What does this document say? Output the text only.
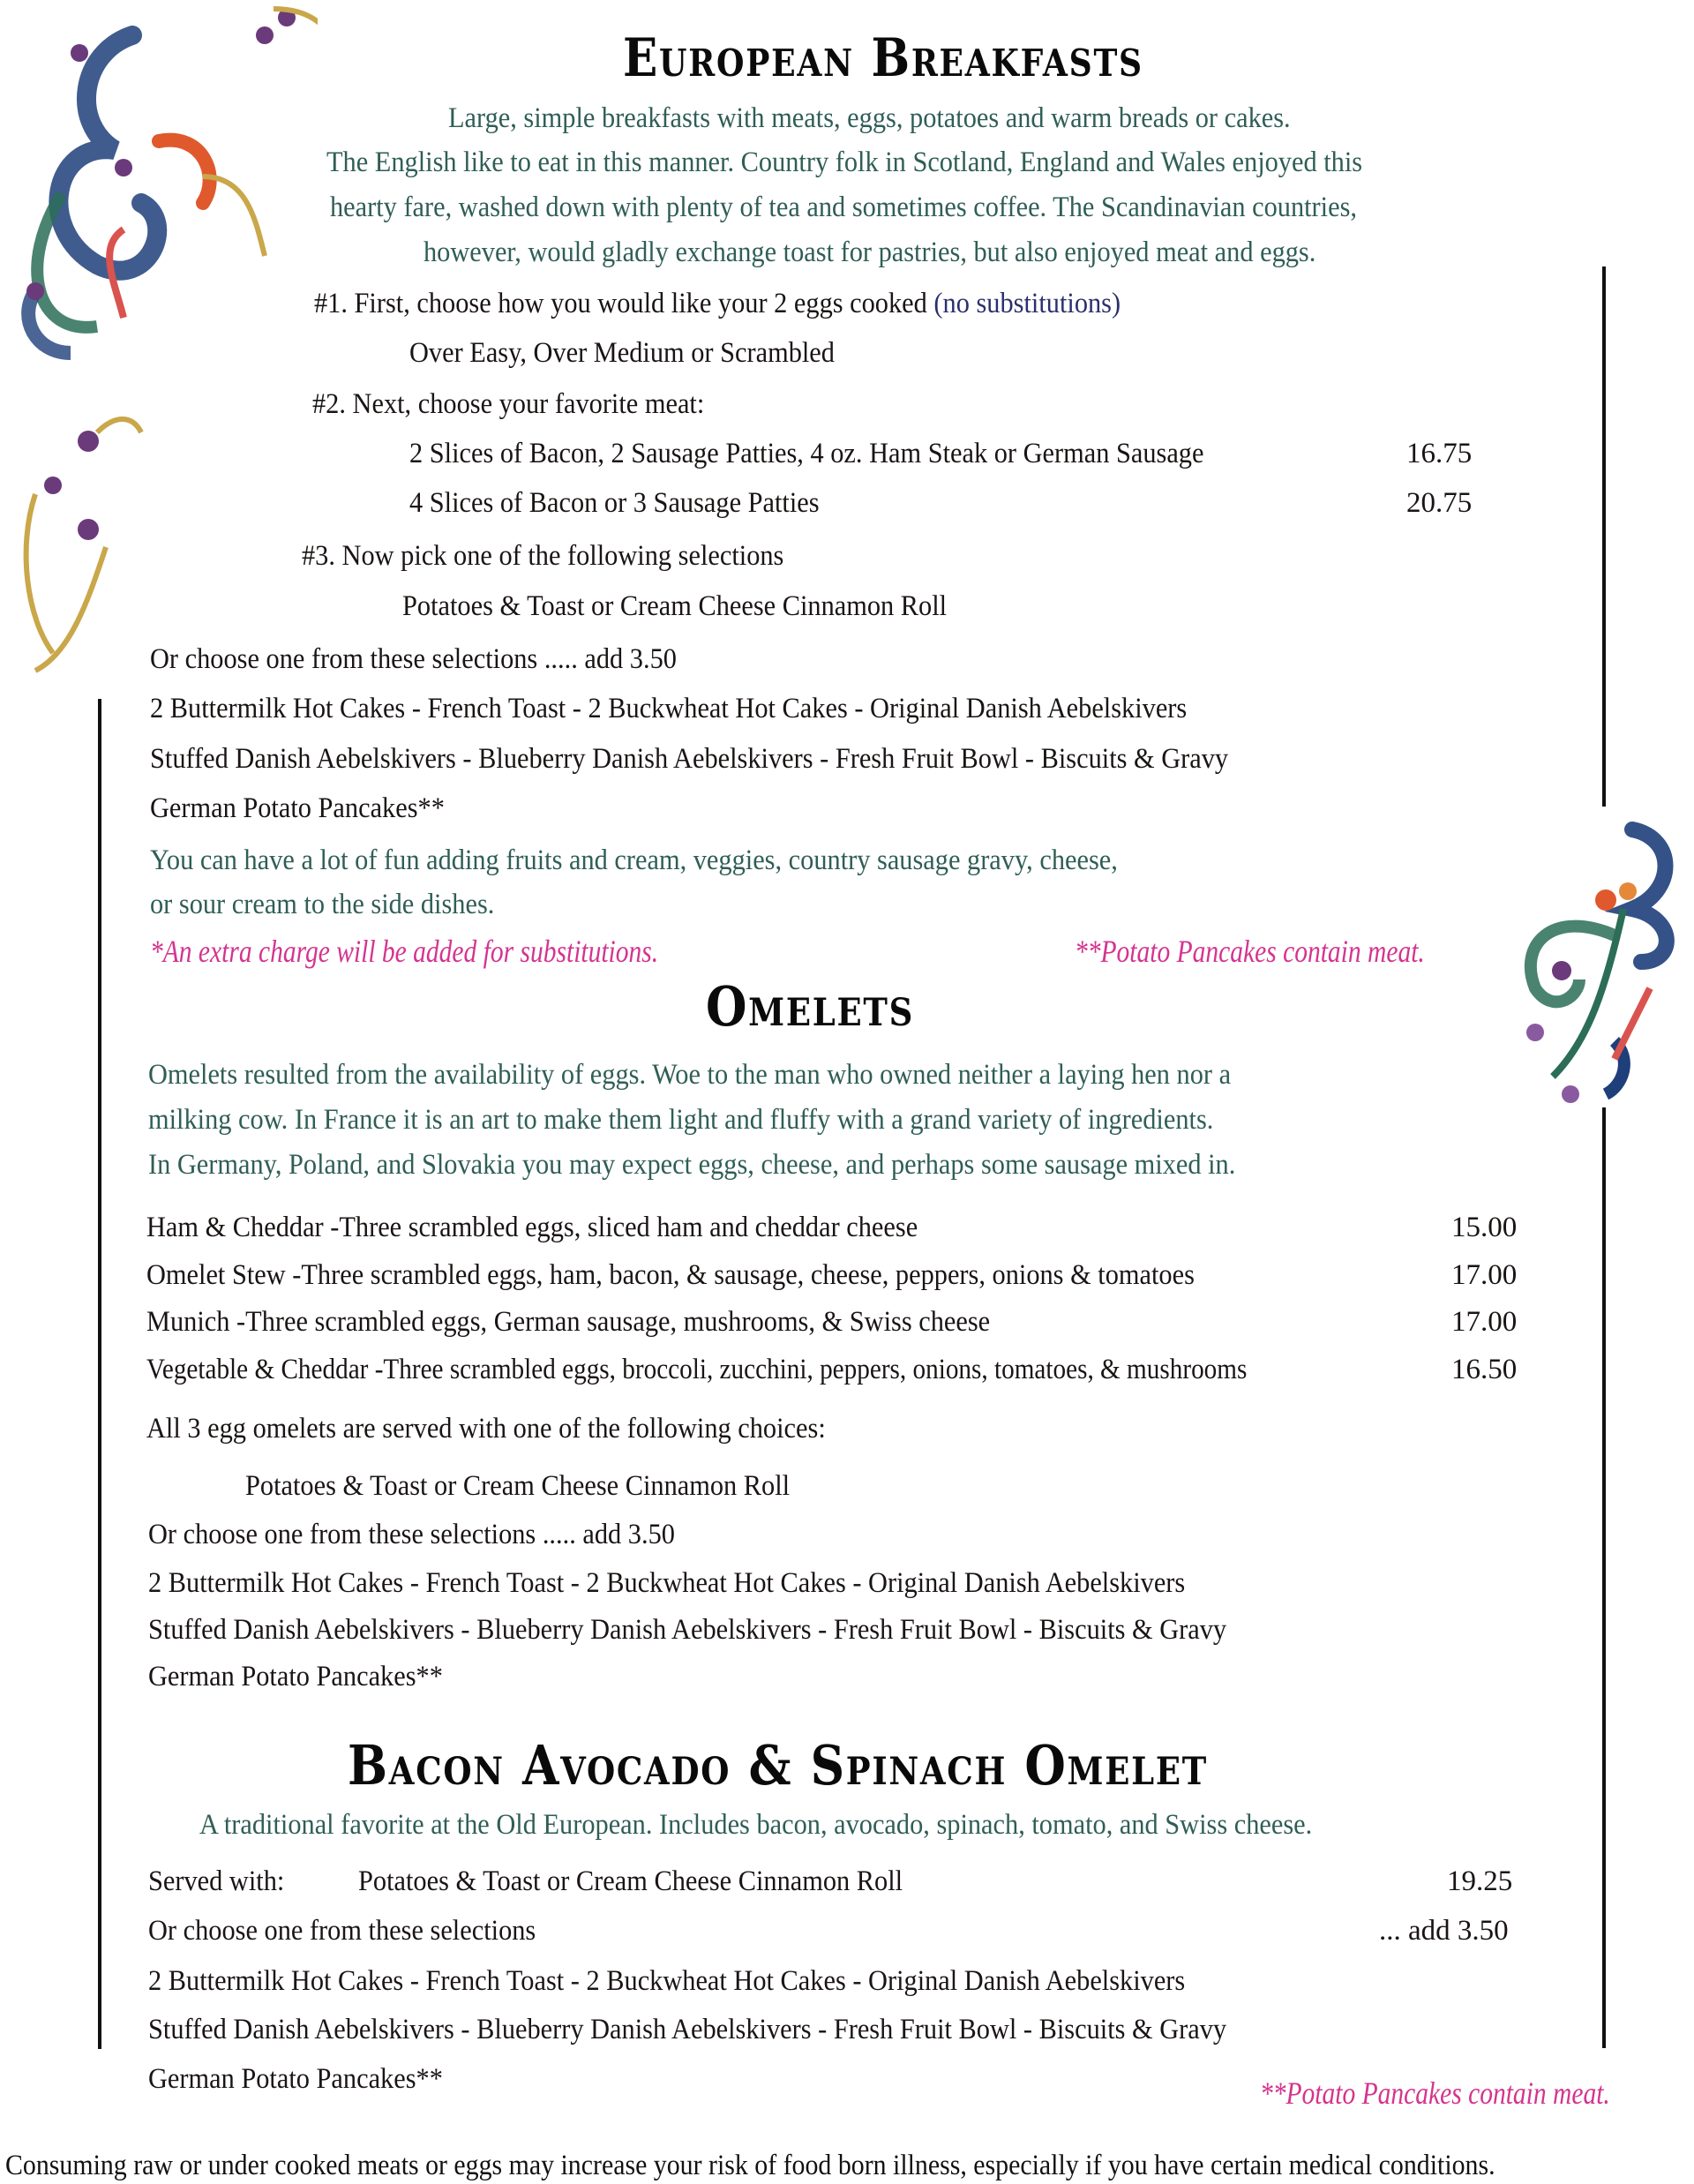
European Breakfasts
Large, simple breakfasts with meats, eggs, potatoes and warm breads or cakes.
The English like to eat in this manner. Country folk in Scotland, England and Wales enjoyed this
hearty fare, washed down with plenty of tea and sometimes coffee. The Scandinavian countries,
however, would gladly exchange toast for pastries, but also enjoyed meat and eggs.
#1. First, choose how you would like your 2 eggs cooked (no substitutions)
Over Easy, Over Medium or Scrambled
#2. Next, choose your favorite meat:
2 Slices of Bacon, 2 Sausage Patties, 4 oz. Ham Steak or German Sausage	16.75
4 Slices of Bacon or 3 Sausage Patties	20.75
#3. Now pick one of the following selections
Potatoes & Toast or Cream Cheese Cinnamon Roll
Or choose one from these selections ..... add 3.50
2 Buttermilk Hot Cakes - French Toast - 2 Buckwheat Hot Cakes - Original Danish Aebelskivers
Stuffed Danish Aebelskivers - Blueberry Danish Aebelskivers - Fresh Fruit Bowl - Biscuits & Gravy
German Potato Pancakes**
You can have a lot of fun adding fruits and cream, veggies, country sausage gravy, cheese,
or sour cream to the side dishes.
*An extra charge will be added for substitutions.	**Potato Pancakes contain meat.
Omelets
Omelets resulted from the availability of eggs. Woe to the man who owned neither a laying hen nor a
milking cow. In France it is an art to make them light and fluffy with a grand variety of ingredients.
In Germany, Poland, and Slovakia you may expect eggs, cheese, and perhaps some sausage mixed in.
Ham & Cheddar -Three scrambled eggs, sliced ham and cheddar cheese	15.00
Omelet Stew -Three scrambled eggs, ham, bacon, & sausage, cheese, peppers, onions & tomatoes	17.00
Munich -Three scrambled eggs, German sausage, mushrooms, & Swiss cheese	17.00
Vegetable & Cheddar -Three scrambled eggs, broccoli, zucchini, peppers, onions, tomatoes, & mushrooms	16.50
All 3 egg omelets are served with one of the following choices:
Potatoes & Toast or Cream Cheese Cinnamon Roll
Or choose one from these selections ..... add 3.50
2 Buttermilk Hot Cakes - French Toast - 2 Buckwheat Hot Cakes - Original Danish Aebelskivers
Stuffed Danish Aebelskivers - Blueberry Danish Aebelskivers - Fresh Fruit Bowl - Biscuits & Gravy
German Potato Pancakes**
Bacon Avocado & Spinach Omelet
A traditional favorite at the Old European. Includes bacon, avocado, spinach, tomato, and Swiss cheese.
Served with:	Potatoes & Toast or Cream Cheese Cinnamon Roll	19.25
Or choose one from these selections	... add 3.50
2 Buttermilk Hot Cakes - French Toast - 2 Buckwheat Hot Cakes - Original Danish Aebelskivers
Stuffed Danish Aebelskivers - Blueberry Danish Aebelskivers - Fresh Fruit Bowl - Biscuits & Gravy
German Potato Pancakes**	**Potato Pancakes contain meat.
Consuming raw or under cooked meats or eggs may increase your risk of food born illness, especially if you have certain medical conditions.
